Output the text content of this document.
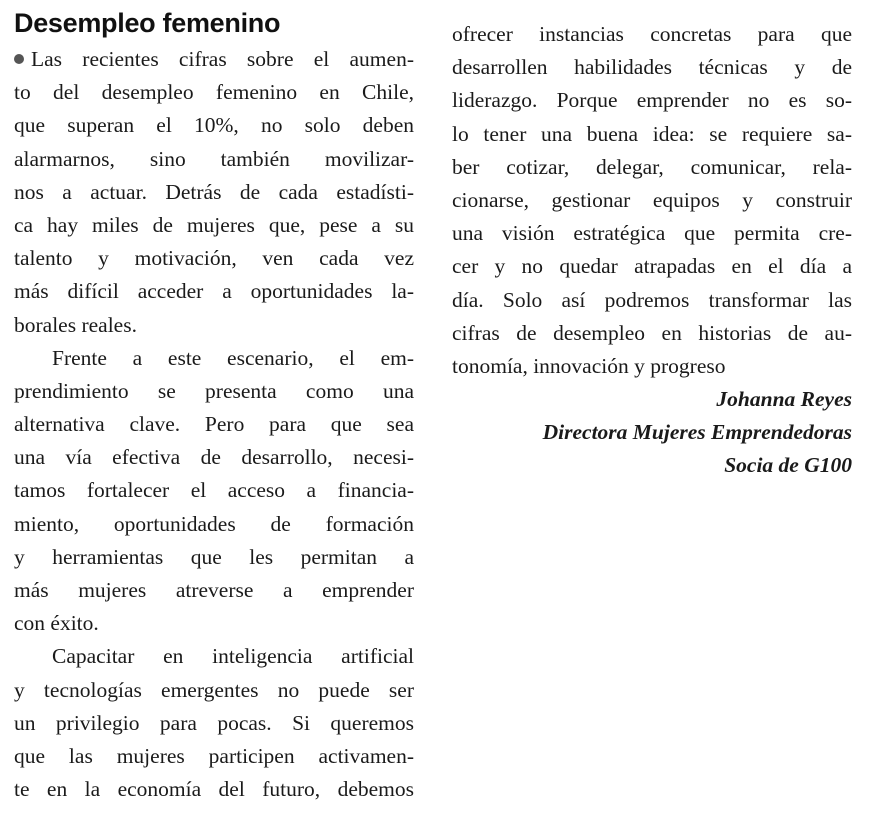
Desempleo femenino
Las recientes cifras sobre el aumen-
to del desempleo femenino en Chile,
que superan el 10%, no solo deben
alarmarnos, sino también movilizar-
nos a actuar. Detrás de cada estadísti-
ca hay miles de mujeres que, pese a su
talento y motivación, ven cada vez
más difícil acceder a oportunidades la-
borales reales.
Frente a este escenario, el em-
prendimiento se presenta como una
alternativa clave. Pero para que sea
una vía efectiva de desarrollo, necesi-
tamos fortalecer el acceso a financia-
miento, oportunidades de formación
y herramientas que les permitan a
más mujeres atreverse a emprender
con éxito.
Capacitar en inteligencia artificial
y tecnologías emergentes no puede ser
un privilegio para pocas. Si queremos
que las mujeres participen activamen-
te en la economía del futuro, debemos
ofrecer instancias concretas para que
desarrollen habilidades técnicas y de
liderazgo. Porque emprender no es so-
lo tener una buena idea: se requiere sa-
ber cotizar, delegar, comunicar, rela-
cionarse, gestionar equipos y construir
una visión estratégica que permita cre-
cer y no quedar atrapadas en el día a
día. Solo así podremos transformar las
cifras de desempleo en historias de au-
tonomía, innovación y progreso
Johanna Reyes
Directora Mujeres Emprendedoras
Socia de G100
